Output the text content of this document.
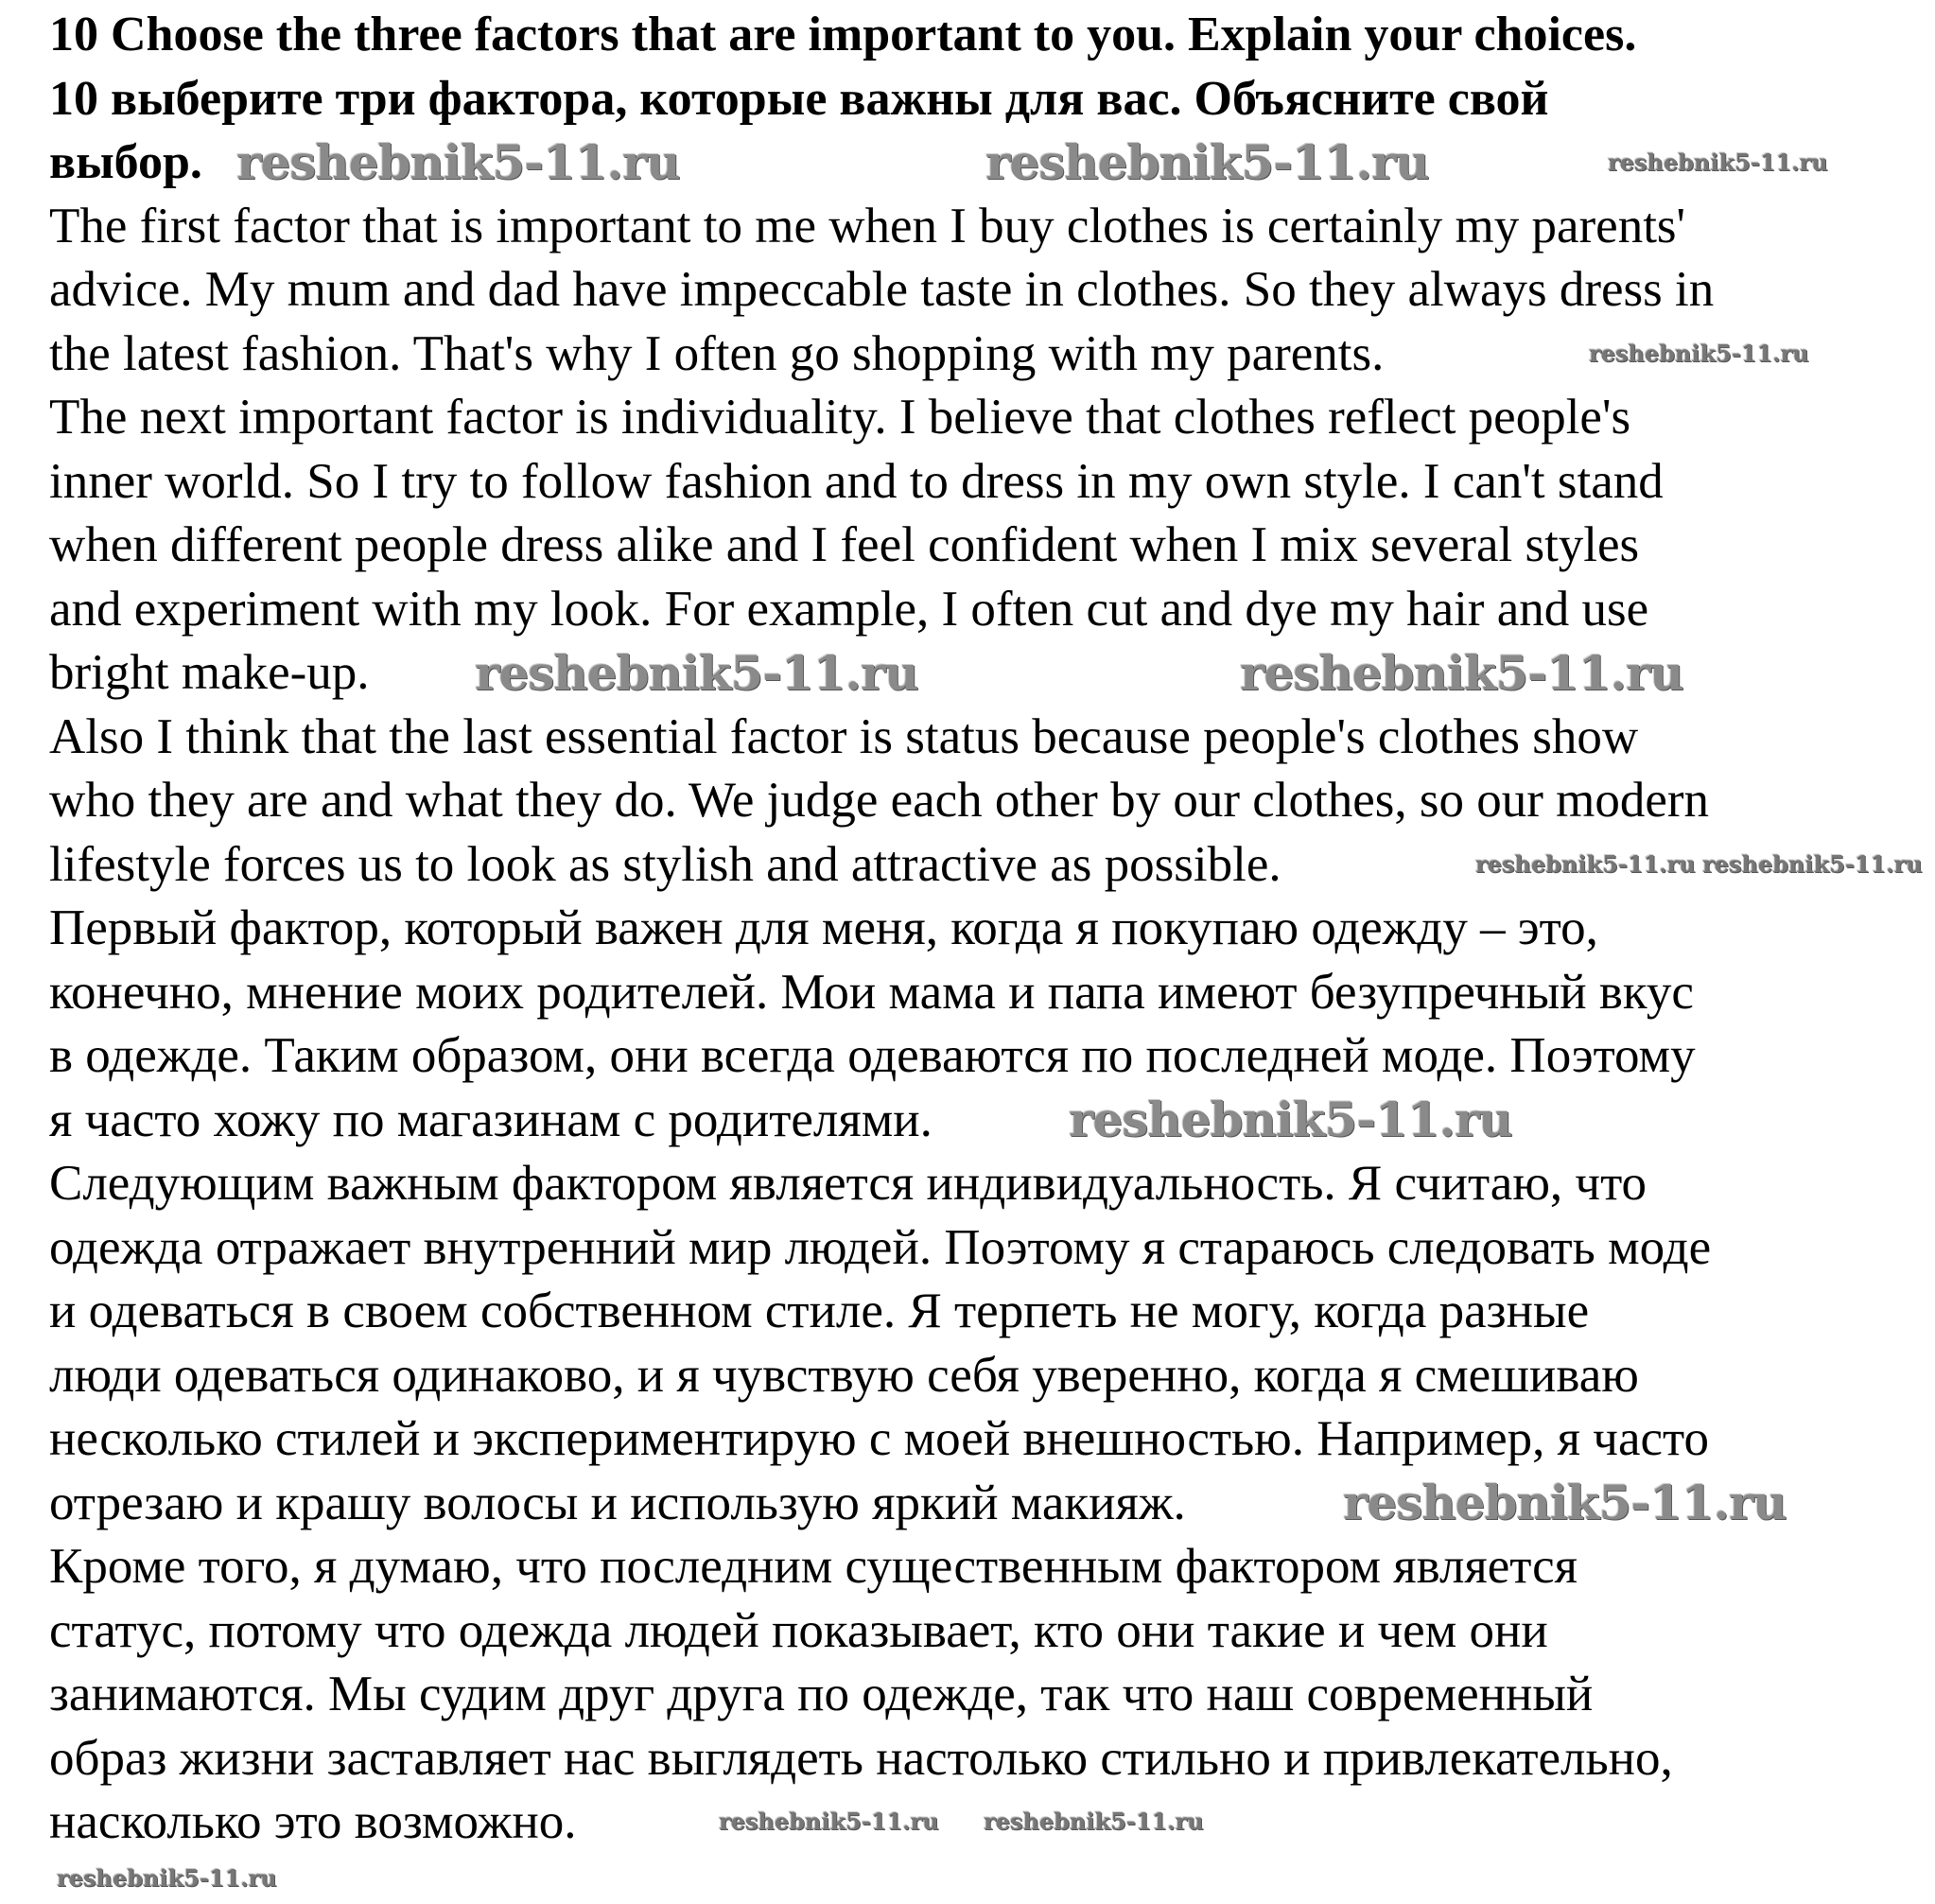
10 Choose the three factors that are important to you. Explain your choices.
10 выберите три фактора, которые важны для вас. Объясните свой
выбор.
The first factor that is important to me when I buy clothes is certainly my parents'
advice. My mum and dad have impeccable taste in clothes. So they always dress in
the latest fashion. That's why I often go shopping with my parents.
The next important factor is individuality. I believe that clothes reflect people's
inner world. So I try to follow fashion and to dress in my own style. I can't stand
when different people dress alike and I feel confident when I mix several styles
and experiment with my look. For example, I often cut and dye my hair and use
bright make-up.
Also I think that the last essential factor is status because people's clothes show
who they are and what they do. We judge each other by our clothes, so our modern
lifestyle forces us to look as stylish and attractive as possible.
Первый фактор, который важен для меня, когда я покупаю одежду – это,
конечно, мнение моих родителей. Мои мама и папа имеют безупречный вкус
в одежде. Таким образом, они всегда одеваются по последней моде. Поэтому
я часто хожу по магазинам с родителями.
Следующим важным фактором является индивидуальность. Я считаю, что
одежда отражает внутренний мир людей. Поэтому я стараюсь следовать моде
и одеваться в своем собственном стиле. Я терпеть не могу, когда разные
люди одеваться одинаково, и я чувствую себя уверенно, когда я смешиваю
несколько стилей и экспериментирую с моей внешностью. Например, я часто
отрезаю и крашу волосы и использую яркий макияж.
Кроме того, я думаю, что последним существенным фактором является
статус, потому что одежда людей показывает, кто они такие и чем они
занимаются. Мы судим друг друга по одежде, так что наш современный
образ жизни заставляет нас выглядеть настолько стильно и привлекательно,
насколько это возможно.
reshebnik5-11.ru	reshebnik5-11.ru
reshebnik5-11.ru	reshebnik5-11.ru
reshebnik5-11.ru
reshebnik5-11.ru
reshebnik5-11.ru
reshebnik5-11.ru
reshebnik5-11.ru reshebnik5-11.ru
reshebnik5-11.ru reshebnik5-11.ru
reshebnik5-11.ru
